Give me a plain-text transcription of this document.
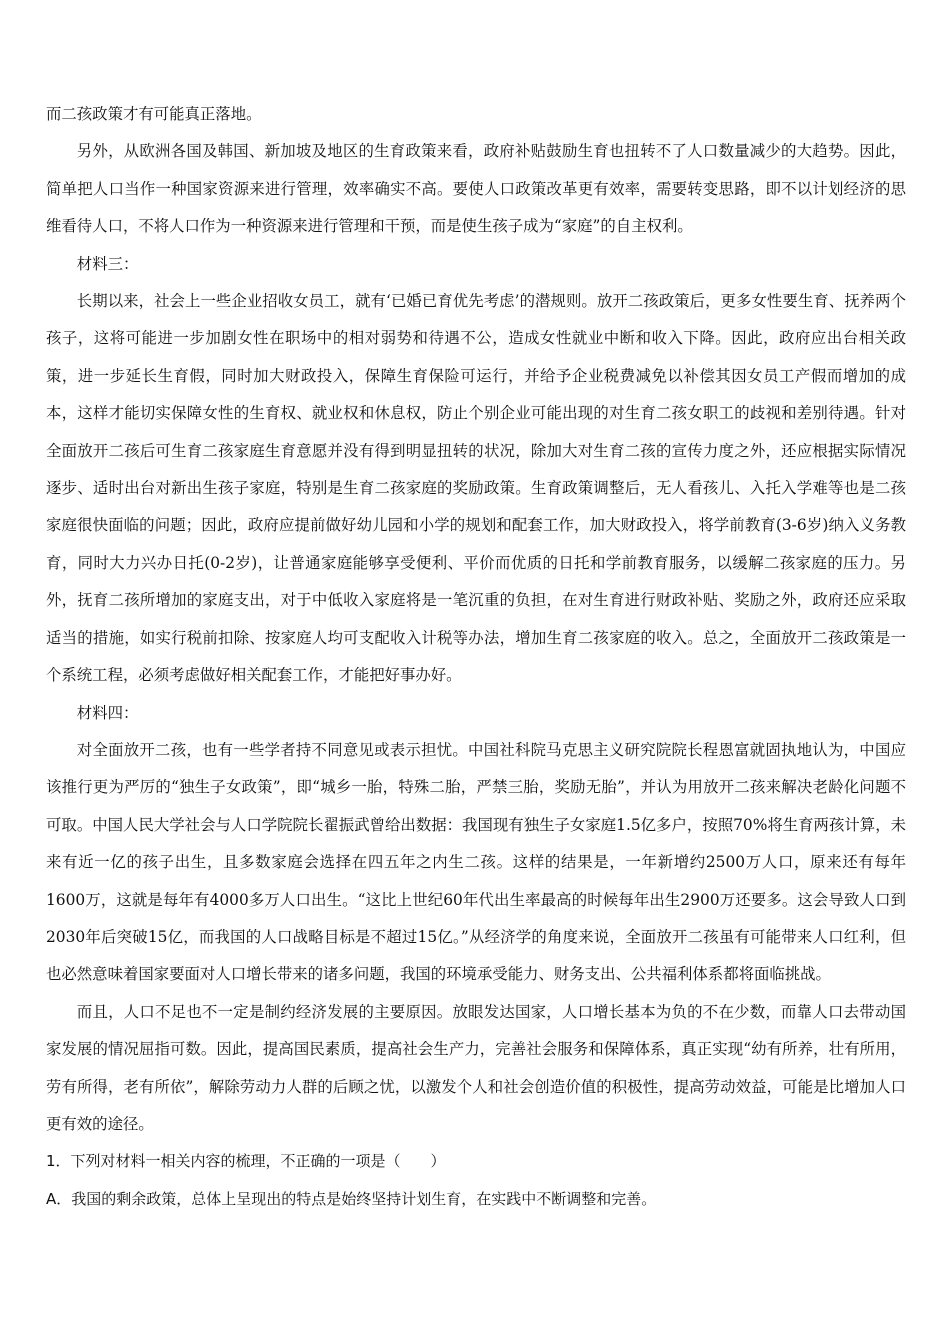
而二孩政策才有可能真正落地。

另外，从欧洲各国及韩国、新加坡及地区的生育政策来看，政府补贴鼓励生育也扭转不了人口数量减少的大趋势。因此，简单把人口当作一种国家资源来进行管理，效率确实不高。要使人口政策改革更有效率，需要转变思路，即不以计划经济的思维看待人口，不将人口作为一种资源来进行管理和干预，而是使生孩子成为“家庭”的自主权利。

材料三：

长期以来，社会上一些企业招收女员工，就有‘已婚已育优先考虑’的潜规则。放开二孩政策后，更多女性要生育、抚养两个孩子，这将可能进一步加剧女性在职场中的相对弱势和待遇不公，造成女性就业中断和收入下降。因此，政府应出台相关政策，进一步延长生育假，同时加大财政投入，保障生育保险可运行，并给予企业税费减免以补偿其因女员工产假而增加的成本，这样才能切实保障女性的生育权、就业权和休息权，防止个别企业可能出现的对生育二孩女职工的歧视和差别待遇。针对全面放开二孩后可生育二孩家庭生育意愿并没有得到明显扭转的状况，除加大对生育二孩的宣传力度之外，还应根据实际情况逐步、适时出台对新出生孩子家庭，特别是生育二孩家庭的奖励政策。生育政策调整后，无人看孩儿、入托入学难等也是二孩家庭很快面临的问题；因此，政府应提前做好幼儿园和小学的规划和配套工作，加大财政投入，将学前教育(3-6岁)纳入义务教育，同时大力兴办日托(0-2岁)，让普通家庭能够享受便利、平价而优质的日托和学前教育服务，以缓解二孩家庭的压力。另外，抚育二孩所增加的家庭支出，对于中低收入家庭将是一笔沉重的负担，在对生育进行财政补贴、奖励之外，政府还应采取适当的措施，如实行税前扣除、按家庭人均可支配收入计税等办法，增加生育二孩家庭的收入。总之，全面放开二孩政策是一个系统工程，必须考虑做好相关配套工作，才能把好事办好。

材料四：

对全面放开二孩，也有一些学者持不同意见或表示担忧。中国社科院马克思主义研究院院长程恩富就固执地认为，中国应该推行更为严厉的“独生子女政策”，即“城乡一胎，特殊二胎，严禁三胎，奖励无胎”，并认为用放开二孩来解决老龄化问题不可取。中国人民大学社会与人口学院院长翟振武曾给出数据：我国现有独生子女家庭1.5亿多户，按照70%将生育两孩计算，未来有近一亿的孩子出生，且多数家庭会选择在四五年之内生二孩。这样的结果是，一年新增约2500万人口，原来还有每年1600万，这就是每年有4000多万人口出生。“这比上世纪60年代出生率最高的时候每年出生2900万还要多。这会导致人口到2030年后突破15亿，而我国的人口战略目标是不超过15亿。”从经济学的角度来说，全面放开二孩虽有可能带来人口红利，但也必然意味着国家要面对人口增长带来的诸多问题，我国的环境承受能力、财务支出、公共福利体系都将面临挑战。

而且，人口不足也不一定是制约经济发展的主要原因。放眼发达国家，人口增长基本为负的不在少数，而靠人口去带动国家发展的情况屈指可数。因此，提高国民素质，提高社会生产力，完善社会服务和保障体系，真正实现“幼有所养，壮有所用，劳有所得，老有所依”，解除劳动力人群的后顾之忧，以激发个人和社会创造价值的积极性，提高劳动效益，可能是比增加人口更有效的途径。

1．下列对材料一相关内容的梳理，不正确的一项是（　　）

A．我国的剩余政策，总体上呈现出的特点是始终坚持计划生育，在实践中不断调整和完善。
